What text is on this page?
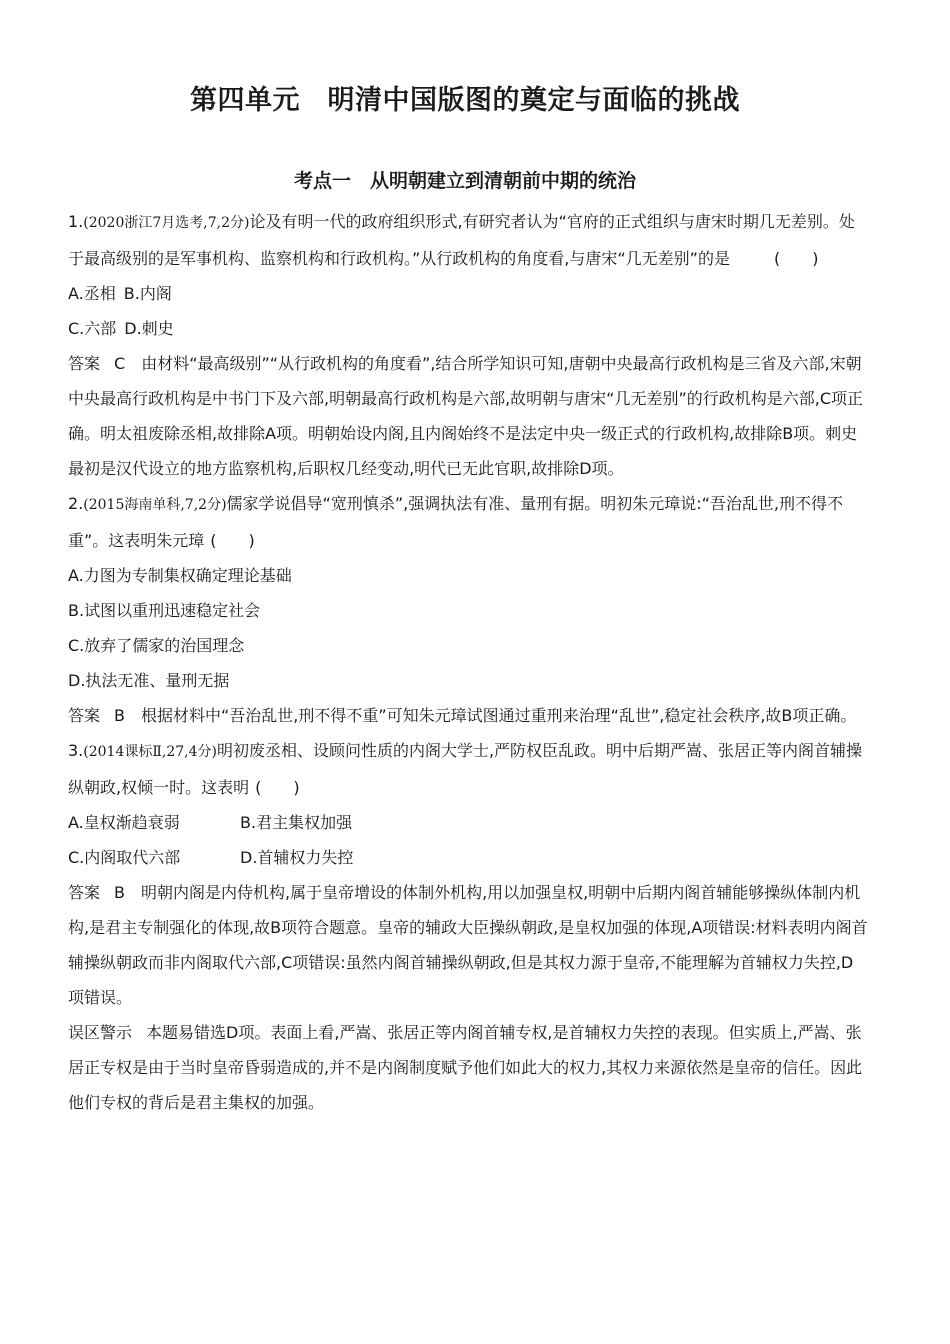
第四单元　明清中国版图的奠定与面临的挑战
考点一　从明朝建立到清朝前中期的统治

1.(2020浙江7月选考,7,2分)论及有明一代的政府组织形式,有研究者认为“官府的正式组织与唐宋时期几无差别。处于最高级别的是军事机构、监察机构和行政机构。”从行政机构的角度看,与唐宋“几无差别”的是	(　　)

A.丞相 B.内阁
C.六部 D.刺史

答案 C 由材料“最高级别”“从行政机构的角度看”,结合所学知识可知,唐朝中央最高行政机构是三省及六部,宋朝中央最高行政机构是中书门下及六部,明朝最高行政机构是六部,故明朝与唐宋“几无差别”的行政机构是六部,C项正确。明太祖废除丞相,故排除A项。明朝始设内阁,且内阁始终不是法定中央一级正式的行政机构,故排除B项。刺史最初是汉代设立的地方监察机构,后职权几经变动,明代已无此官职,故排除D项。

2.(2015海南单科,7,2分)儒家学说倡导“宽刑慎杀”,强调执法有准、量刑有据。明初朱元璋说:“吾治乱世,刑不得不重”。这表明朱元璋 (　　)

A.力图为专制集权确定理论基础
B.试图以重刑迅速稳定社会
C.放弃了儒家的治国理念
D.执法无准、量刑无据

答案 B 根据材料中“吾治乱世,刑不得不重”可知朱元璋试图通过重刑来治理“乱世”,稳定社会秩序,故B项正确。

3.(2014课标Ⅱ,27,4分)明初废丞相、设顾问性质的内阁大学士,严防权臣乱政。明中后期严嵩、张居正等内阁首辅操纵朝政,权倾一时。这表明 (　　)

A.皇权渐趋衰弱	B.君主集权加强
C.内阁取代六部	D.首辅权力失控

答案 B 明朝内阁是内侍机构,属于皇帝增设的体制外机构,用以加强皇权,明朝中后期内阁首辅能够操纵体制内机构,是君主专制强化的体现,故B项符合题意。皇帝的辅政大臣操纵朝政,是皇权加强的体现,A项错误:材料表明内阁首辅操纵朝政而非内阁取代六部,C项错误:虽然内阁首辅操纵朝政,但是其权力源于皇帝,不能理解为首辅权力失控,D项错误。

误区警示 本题易错选D项。表面上看,严嵩、张居正等内阁首辅专权,是首辅权力失控的表现。但实质上,严嵩、张居正专权是由于当时皇帝昏弱造成的,并不是内阁制度赋予他们如此大的权力,其权力来源依然是皇帝的信任。因此他们专权的背后是君主集权的加强。
